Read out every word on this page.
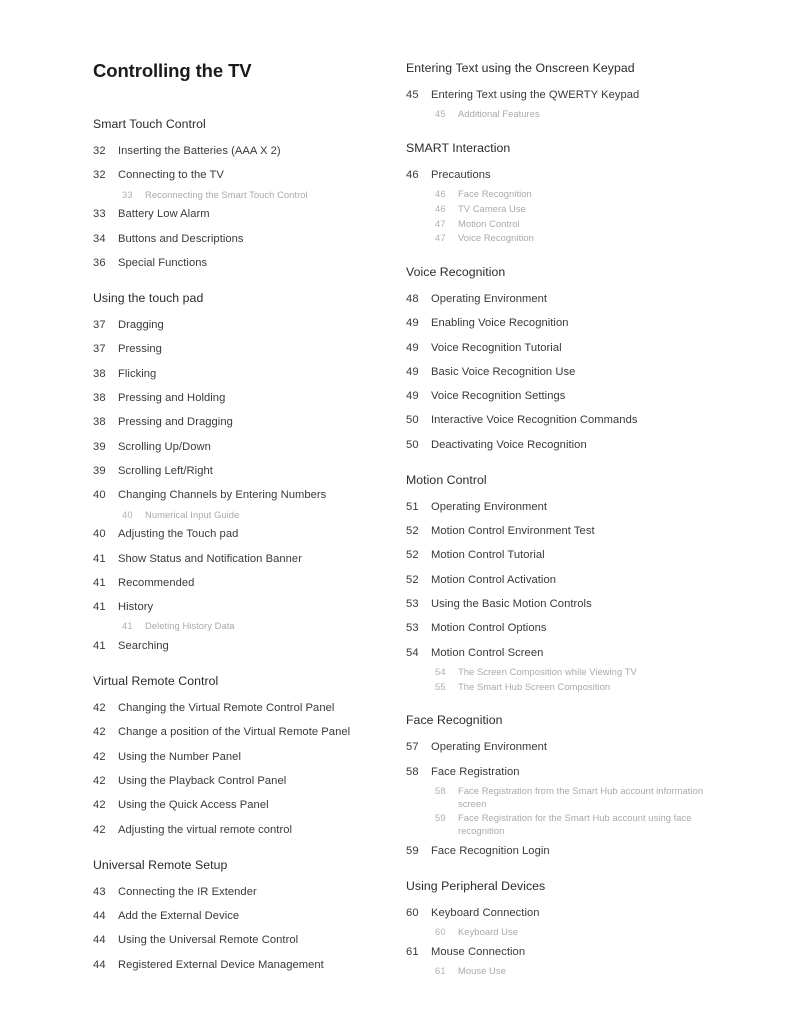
Controlling the TV
Smart Touch Control
32	Inserting the Batteries (AAA X 2)
32	Connecting to the TV
33	Reconnecting the Smart Touch Control
33	Battery Low Alarm
34	Buttons and Descriptions
36	Special Functions
Using the touch pad
37	Dragging
37	Pressing
38	Flicking
38	Pressing and Holding
38	Pressing and Dragging
39	Scrolling Up/Down
39	Scrolling Left/Right
40	Changing Channels by Entering Numbers
40	Numerical Input Guide
40	Adjusting the Touch pad
41	Show Status and Notification Banner
41	Recommended
41	History
41	Deleting History Data
41	Searching
Virtual Remote Control
42	Changing the Virtual Remote Control Panel
42	Change a position of the Virtual Remote Panel
42	Using the Number Panel
42	Using the Playback Control Panel
42	Using the Quick Access Panel
42	Adjusting the virtual remote control
Universal Remote Setup
43	Connecting the IR Extender
44	Add the External Device
44	Using the Universal Remote Control
44	Registered External Device Management
Entering Text using the Onscreen Keypad
45	Entering Text using the QWERTY Keypad
45	Additional Features
SMART Interaction
46	Precautions
46	Face Recognition
46	TV Camera Use
47	Motion Control
47	Voice Recognition
Voice Recognition
48	Operating Environment
49	Enabling Voice Recognition
49	Voice Recognition Tutorial
49	Basic Voice Recognition Use
49	Voice Recognition Settings
50	Interactive Voice Recognition Commands
50	Deactivating Voice Recognition
Motion Control
51	Operating Environment
52	Motion Control Environment Test
52	Motion Control Tutorial
52	Motion Control Activation
53	Using the Basic Motion Controls
53	Motion Control Options
54	Motion Control Screen
54	The Screen Composition while Viewing TV
55	The Smart Hub Screen Composition
Face Recognition
57	Operating Environment
58	Face Registration
58	Face Registration from the Smart Hub account information screen
59	Face Registration for the Smart Hub account using face recognition
59	Face Recognition Login
Using Peripheral Devices
60	Keyboard Connection
60	Keyboard Use
61	Mouse Connection
61	Mouse Use
